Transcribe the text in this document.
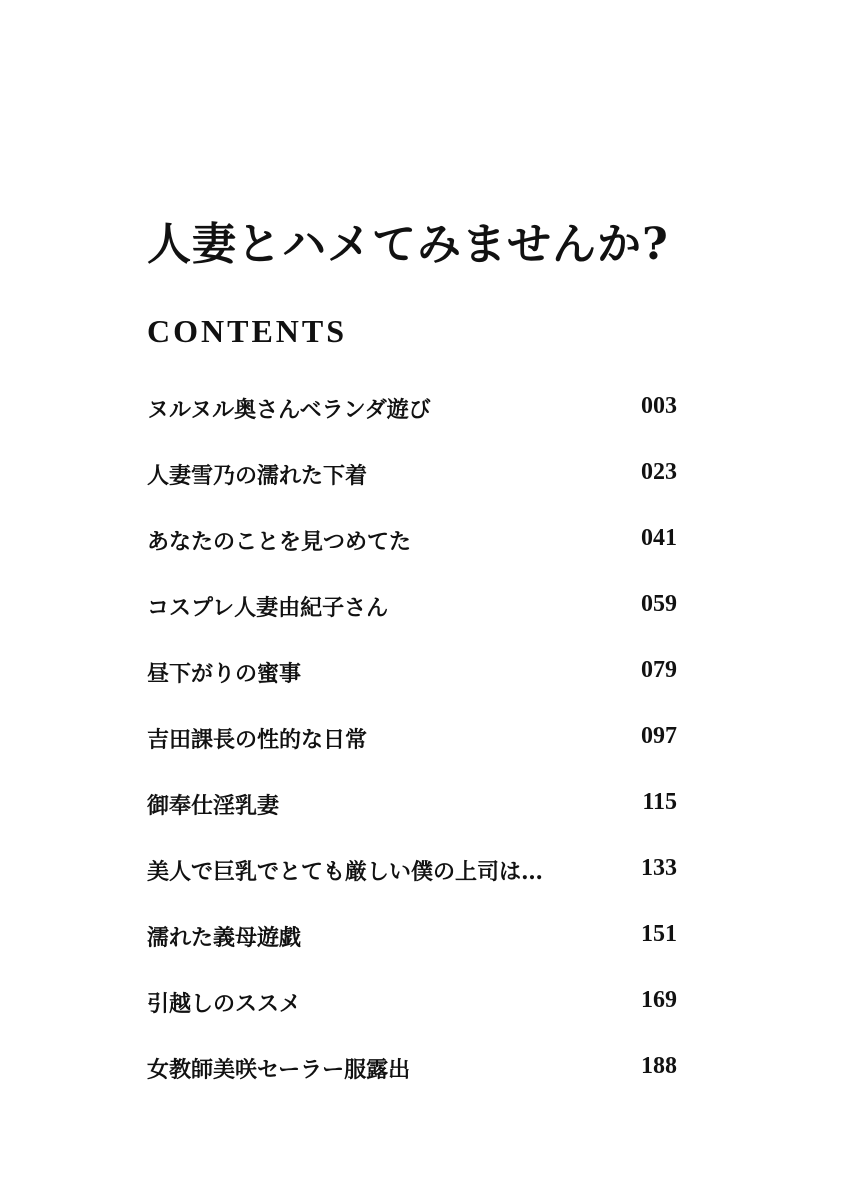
人妻とハメてみませんか?
CONTENTS
ヌルヌル奥さんベランダ遊び	003
人妻雪乃の濡れた下着	023
あなたのことを見つめてた	041
コスプレ人妻由紀子さん	059
昼下がりの蜜事	079
吉田課長の性的な日常	097
御奉仕淫乳妻	115
美人で巨乳でとても厳しい僕の上司は…	133
濡れた義母遊戯	151
引越しのススメ	169
女教師美咲セーラー服露出	188
